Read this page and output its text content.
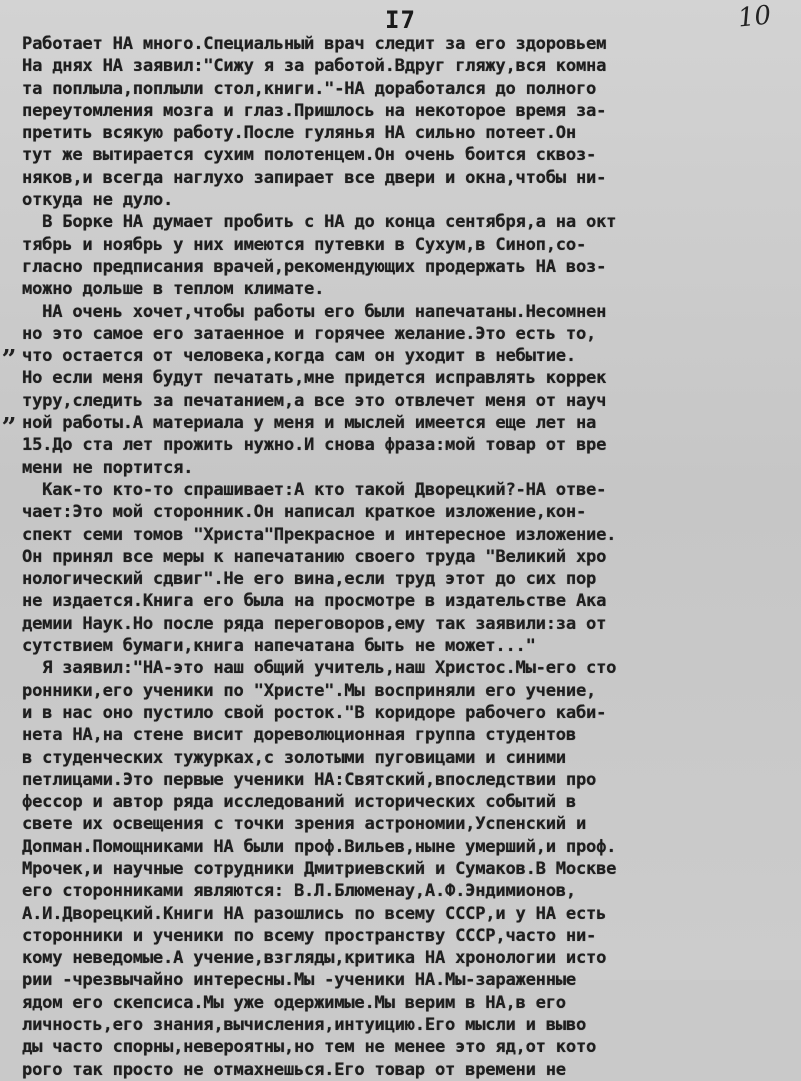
I7	10
„
„
Работает НА много.Специальный врач следит за его здоровьем
На днях НА заявил:"Сижу я за работой.Вдруг гляжу,вся комна
та поплыла,поплыли стол,книги."-НА доработался до полного
переутомления мозга и глаз.Пришлось на некоторое время за-
претить всякую работу.После гулянья НА сильно потеет.Он
тут же вытирается сухим полотенцем.Он очень боится сквоз-
няков,и всегда наглухо запирает все двери и окна,чтобы ни-
откуда не дуло.
В Борке НА думает пробить с НА до конца сентября,а на окт
тябрь и ноябрь у них имеются путевки в Сухум,в Синоп,со-
гласно предписания врачей,рекомендующих продержать НА воз-
можно дольше в теплом климате.
НА очень хочет,чтобы работы его были напечатаны.Несомнен
но это самое его затаенное и горячее желание.Это есть то,
что остается от человека,когда сам он уходит в небытие.
Но если меня будут печатать,мне придется исправлять коррек
туру,следить за печатанием,а все это отвлечет меня от науч
ной работы.А материала у меня и мыслей имеется еще лет на
15.До ста лет прожить нужно.И снова фраза:мой товар от вре
мени не портится.
Как-то кто-то спрашивает:А кто такой Дворецкий?-НА отве-
чает:Это мой сторонник.Он написал краткое изложение,кон-
спект семи томов "Христа"Прекрасное и интересное изложение.
Он принял все меры к напечатанию своего труда "Великий хро
нологический сдвиг".Не его вина,если труд этот до сих пор
не издается.Книга его была на просмотре в издательстве Ака
демии Наук.Но после ряда переговоров,ему так заявили:за от
сутствием бумаги,книга напечатана быть не может..."
Я заявил:"НА-это наш общий учитель,наш Христос.Мы-его сто
ронники,его ученики по "Христе".Мы восприняли его учение,
и в нас оно пустило свой росток."В коридоре рабочего каби-
нета НА,на стене висит дореволюционная группа студентов
в студенческих тужурках,с золотыми пуговицами и синими
петлицами.Это первые ученики НА:Святский,впоследствии про
фессор и автор ряда исследований исторических событий в
свете их освещения с точки зрения астрономии,Успенский и
Допман.Помощниками НА были проф.Вильев,ныне умерший,и проф.
Мрочек,и научные сотрудники Дмитриевский и Сумаков.В Москве
его сторонниками являются: В.Л.Блюменау,А.Ф.Эндимионов,
А.И.Дворецкий.Книги НА разошлись по всему СССР,и у НА есть
сторонники и ученики по всему пространству СССР,часто ни-
кому неведомые.А учение,взгляды,критика НА хронологии исто
рии -чрезвычайно интересны.Мы -ученики НА.Мы-зараженные
ядом его скепсиса.Мы уже одержимые.Мы верим в НА,в его
личность,его знания,вычисления,интуицию.Его мысли и выво
ды часто спорны,невероятны,но тем не менее это яд,от кото
рого так просто не отмахнешься.Его товар от времени не
